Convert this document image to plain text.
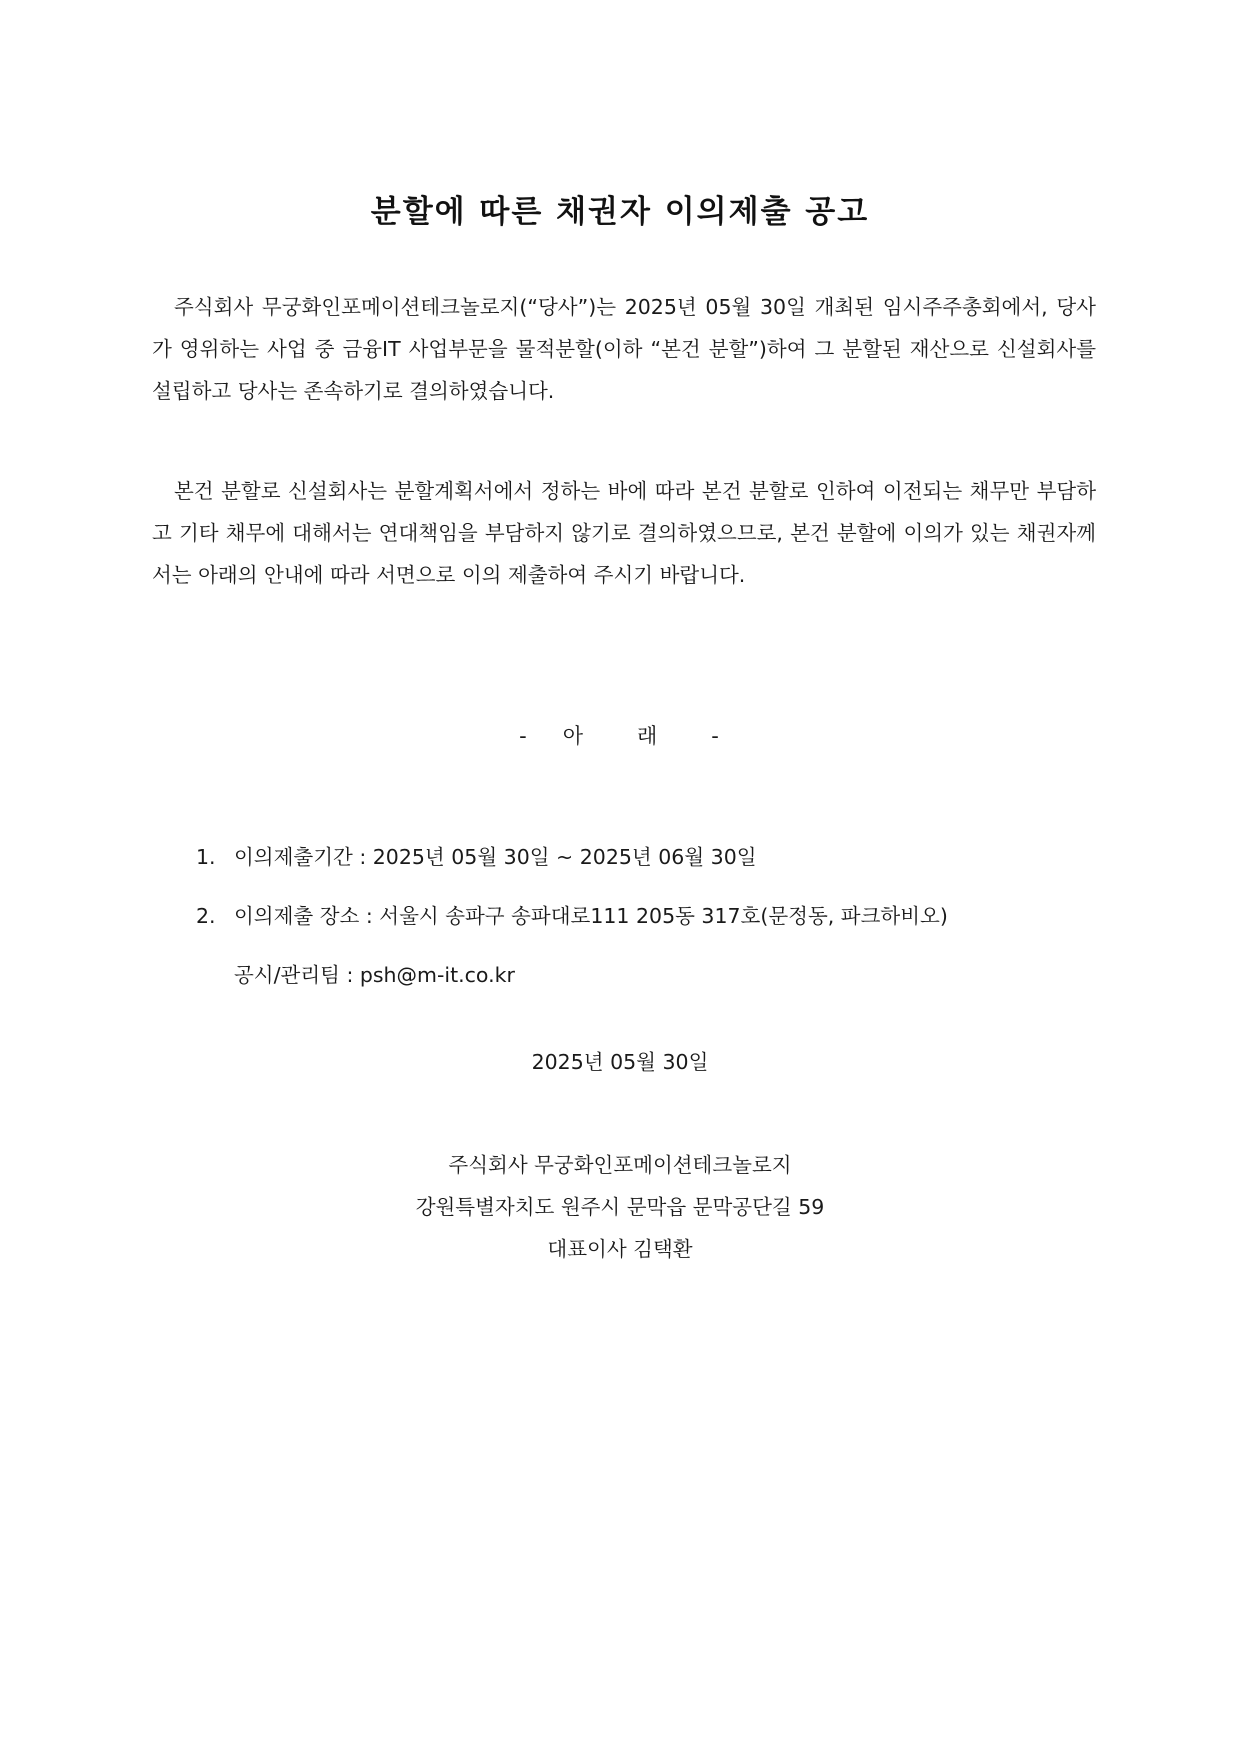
분할에 따른 채권자 이의제출 공고

주식회사 무궁화인포메이션테크놀로지(“당사”)는 2025년 05월 30일 개최된 임시주주총회에서, 당사가 영위하는 사업 중 금융IT 사업부문을 물적분할(이하 “본건 분할”)하여 그 분할된 재산으로 신설회사를 설립하고 당사는 존속하기로 결의하였습니다.

본건 분할로 신설회사는 분할계획서에서 정하는 바에 따라 본건 분할로 인하여 이전되는 채무만 부담하고 기타 채무에 대해서는 연대책임을 부담하지 않기로 결의하였으므로, 본건 분할에 이의가 있는 채권자께서는 아래의 안내에 따라 서면으로 이의 제출하여 주시기 바랍니다.

- 아 래 -
1. 이의제출기간 : 2025년 05월 30일 ~ 2025년 06월 30일
2. 이의제출 장소 : 서울시 송파구 송파대로111 205동 317호(문정동, 파크하비오)
공시/관리팀 : psh@m-it.co.kr
2025년 05월 30일
주식회사 무궁화인포메이션테크놀로지
강원특별자치도 원주시 문막읍 문막공단길 59
대표이사 김택환
